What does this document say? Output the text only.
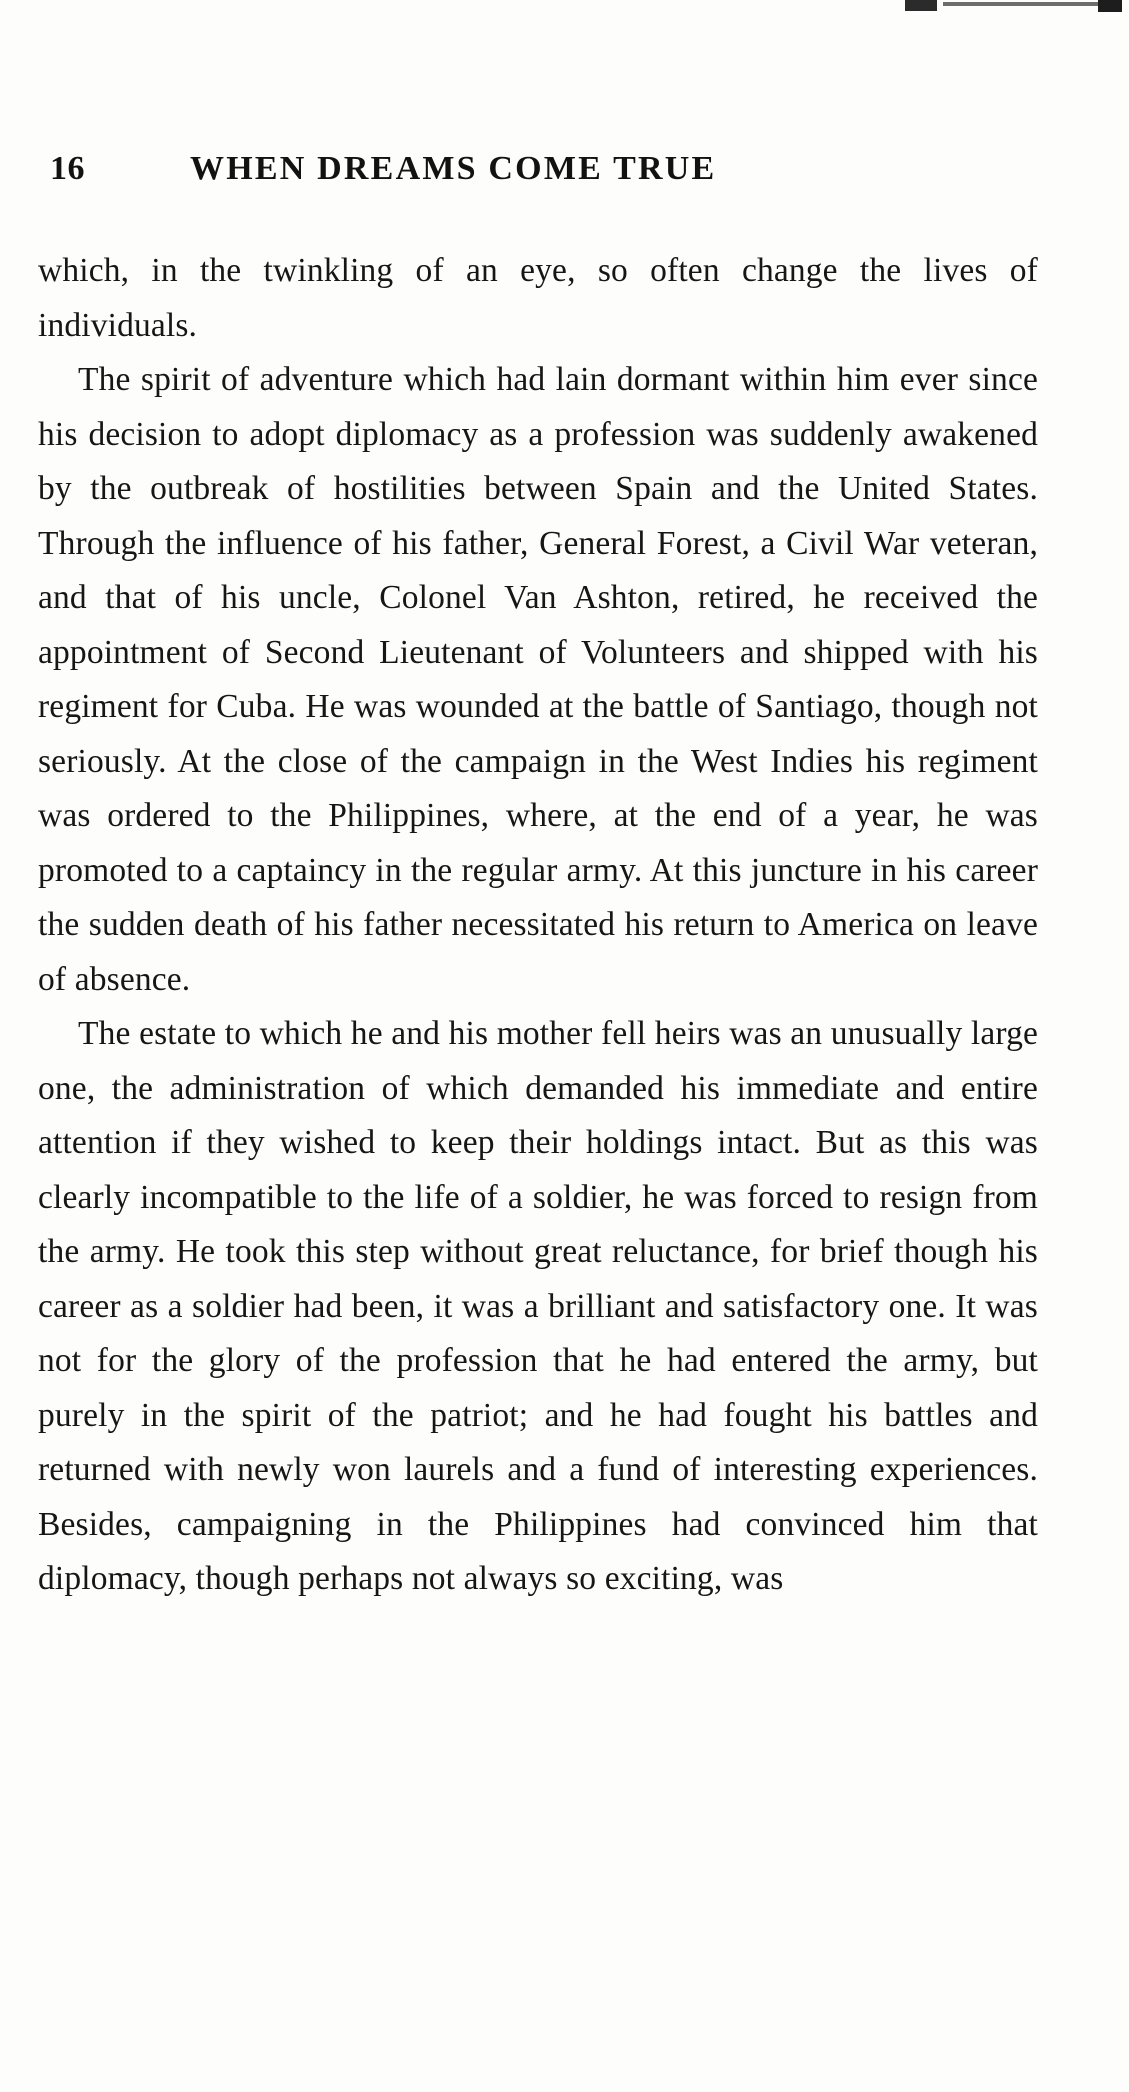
16	WHEN DREAMS COME TRUE

which, in the twinkling of an eye, so often change the lives of individuals.

The spirit of adventure which had lain dormant within him ever since his decision to adopt diplomacy as a profession was suddenly awakened by the outbreak of hostilities between Spain and the United States. Through the influence of his father, General Forest, a Civil War veteran, and that of his uncle, Colonel Van Ashton, retired, he received the appointment of Second Lieutenant of Volunteers and shipped with his regiment for Cuba. He was wounded at the battle of Santiago, though not seriously. At the close of the campaign in the West Indies his regiment was ordered to the Philippines, where, at the end of a year, he was promoted to a captaincy in the regular army. At this juncture in his career the sudden death of his father necessitated his return to America on leave of absence.

The estate to which he and his mother fell heirs was an unusually large one, the administration of which demanded his immediate and entire attention if they wished to keep their holdings intact. But as this was clearly incompatible to the life of a soldier, he was forced to resign from the army. He took this step without great reluctance, for brief though his career as a soldier had been, it was a brilliant and satisfactory one. It was not for the glory of the profession that he had entered the army, but purely in the spirit of the patriot; and he had fought his battles and returned with newly won laurels and a fund of interesting experiences. Besides, campaigning in the Philippines had convinced him that diplomacy, though perhaps not always so exciting, was
